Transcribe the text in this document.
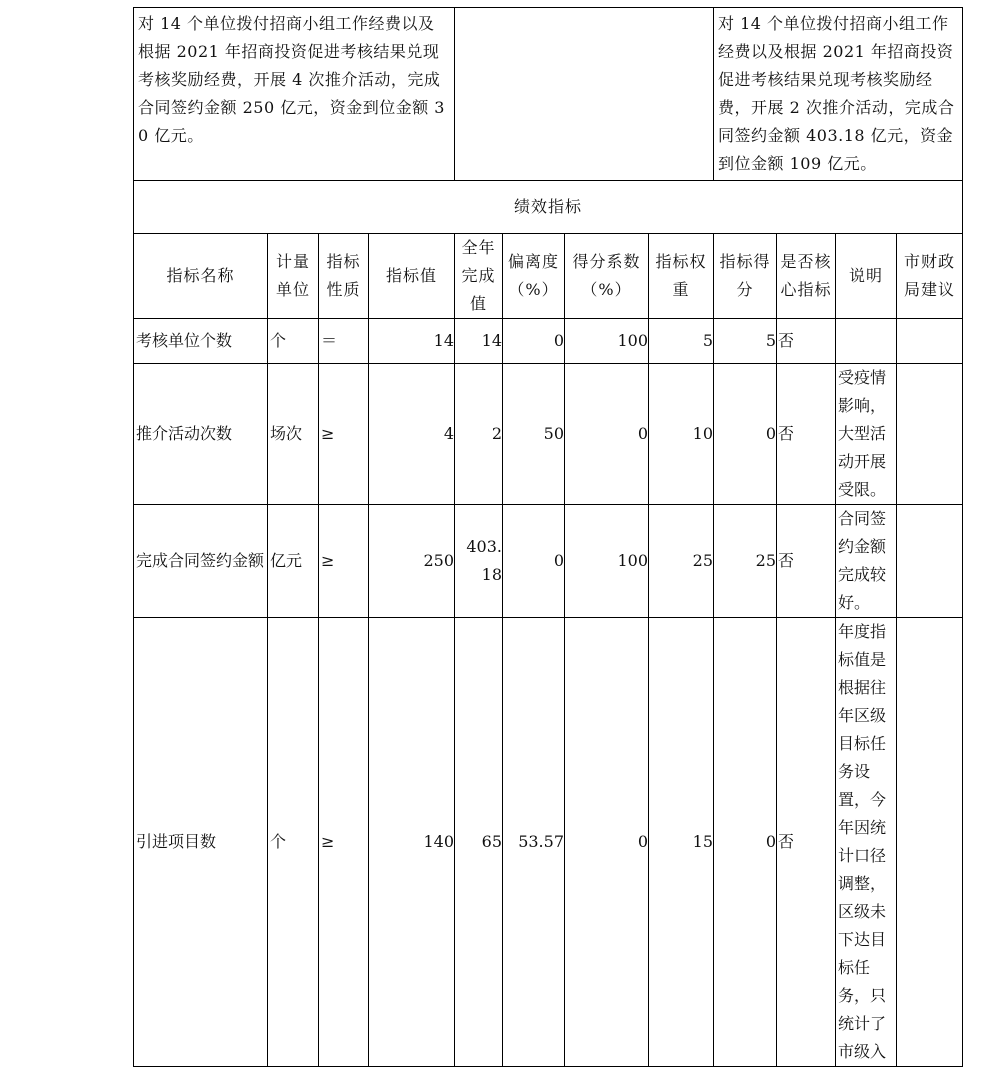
对 14 个单位拨付招商小组工作经费以及根据 2021 年招商投资促进考核结果兑现考核奖励经费，开展 4 次推介活动，完成合同签约金额 250 亿元，资金到位金额 30 亿元。								对 14 个单位拨付招商小组工作经费以及根据 2021 年招商投资促进考核结果兑现考核奖励经费，开展 2 次推介活动，完成合同签约金额 403.18 亿元，资金到位金额 109 亿元。			
绩效指标											
指标名称	计量单位	指标性质	指标值	全年完成值	偏离度（%）	得分系数（%）	指标权重	指标得分	是否核心指标	说明	市财政局建议
考核单位个数	个	＝	14	14	0	100	5	5	否		
推介活动次数	场次	≥	4	2	50	0	10	0	否	受疫情影响，大型活动开展受限。	
完成合同签约金额	亿元	≥	250	403.18	0	100	25	25	否	合同签约金额完成较好。	
引进项目数	个	≥	140	65	53.57	0	15	0	否	年度指标值是根据往年区级目标任务设置，今年因统计口径调整，区级未下达目标任务，只统计了市级入	
